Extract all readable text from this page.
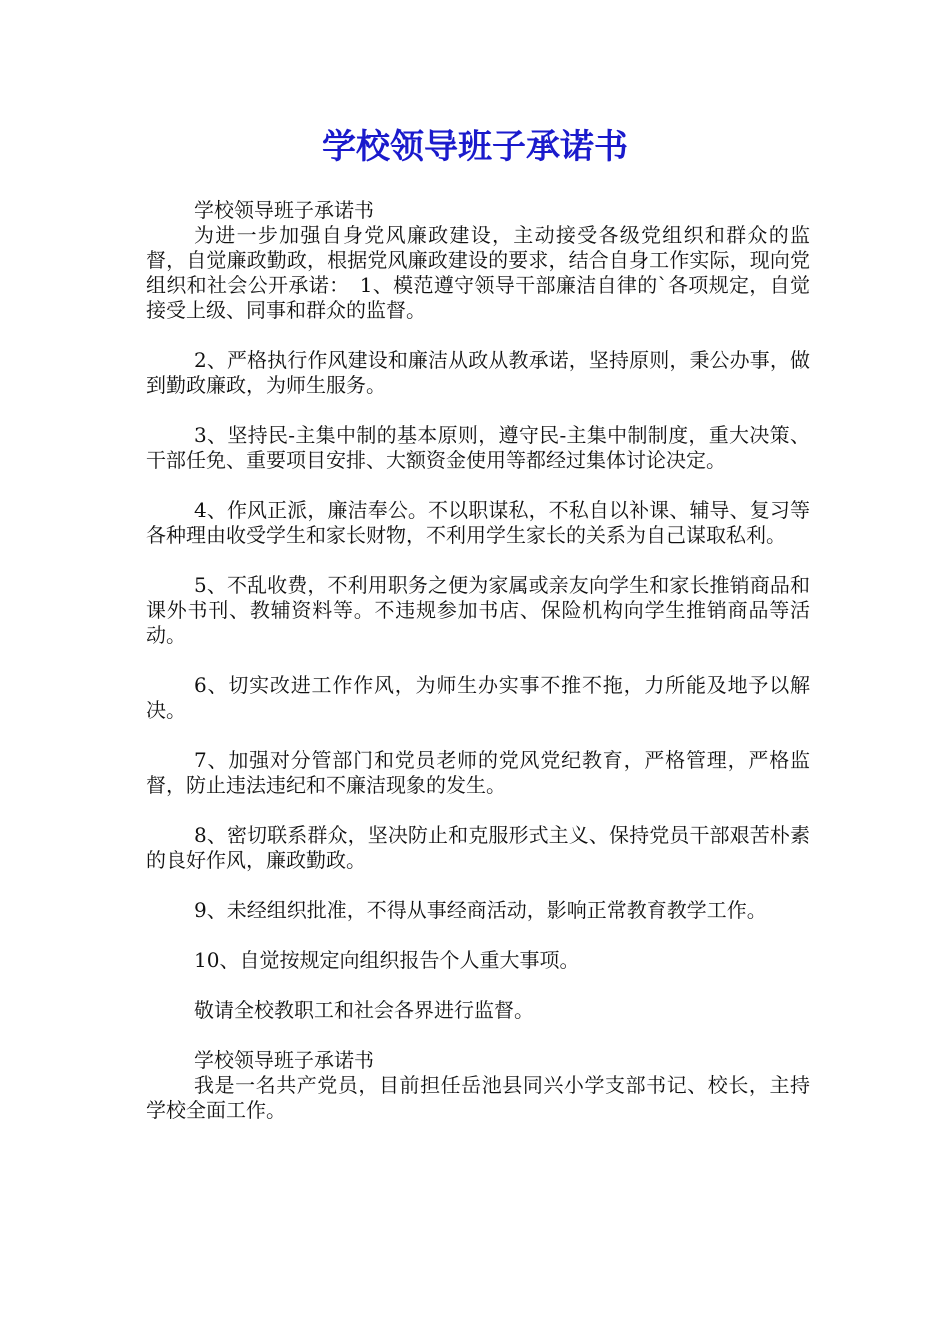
学校领导班子承诺书

学校领导班子承诺书

为进一步加强自身党风廉政建设，主动接受各级党组织和群众的监督，自觉廉政勤政，根据党风廉政建设的要求，结合自身工作实际，现向党组织和社会公开承诺：　1、模范遵守领导干部廉洁自律的`各项规定，自觉接受上级、同事和群众的监督。

2、严格执行作风建设和廉洁从政从教承诺，坚持原则，秉公办事，做到勤政廉政，为师生服务。

3、坚持民-主集中制的基本原则，遵守民-主集中制制度，重大决策、干部任免、重要项目安排、大额资金使用等都经过集体讨论决定。

4、作风正派，廉洁奉公。不以职谋私，不私自以补课、辅导、复习等各种理由收受学生和家长财物，不利用学生家长的关系为自己谋取私利。

5、不乱收费，不利用职务之便为家属或亲友向学生和家长推销商品和课外书刊、教辅资料等。不违规参加书店、保险机构向学生推销商品等活动。

6、切实改进工作作风，为师生办实事不推不拖，力所能及地予以解决。

7、加强对分管部门和党员老师的党风党纪教育，严格管理，严格监督，防止违法违纪和不廉洁现象的发生。

8、密切联系群众，坚决防止和克服形式主义、保持党员干部艰苦朴素的良好作风，廉政勤政。

9、未经组织批准，不得从事经商活动，影响正常教育教学工作。

10、自觉按规定向组织报告个人重大事项。

敬请全校教职工和社会各界进行监督。

学校领导班子承诺书

我是一名共产党员，目前担任岳池县同兴小学支部书记、校长，主持学校全面工作。
